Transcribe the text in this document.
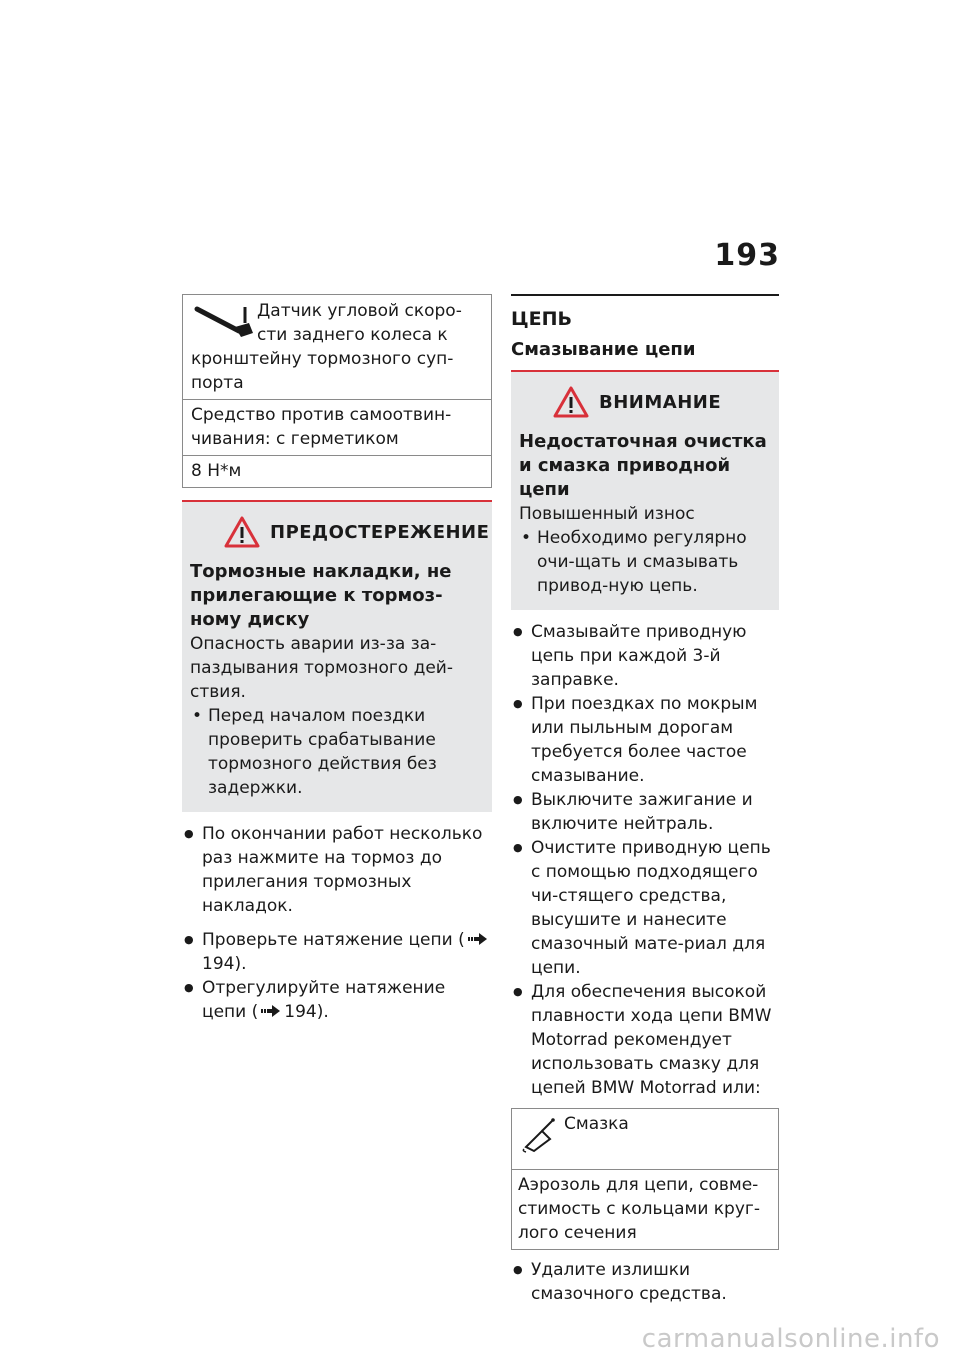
193
Датчик угловой скоро-
сти заднего колеса к кронштейну тормозного суп-порта
Средство против самоотвин-чивания: с герметиком
8 Н*м
ПРЕДОСТЕРЕЖЕНИЕ
Тормозные накладки, не прилегающие к тормоз-ному диску
Опасность аварии из-за за-паздывания тормозного дей-ствия.
• Перед началом поездки проверить срабатывание тормозного действия без задержки.
● По окончании работ несколько раз нажмите на тормоз до прилегания тормозных накладок.
● Проверьте натяжение цепи (194).
● Отрегулируйте натяжение цепи ( 194).
ЦЕПЬ
Смазывание цепи
ВНИМАНИЕ
Недостаточная очистка и смазка приводной цепи
Повышенный износ
• Необходимо регулярно очи-щать и смазывать привод-ную цепь.
● Смазывайте приводную цепь при каждой 3-й заправке.
● При поездках по мокрым или пыльным дорогам требуется более частое смазывание.
● Выключите зажигание и включите нейтраль.
● Очистите приводную цепь с помощью подходящего чи-стящего средства, высушите и нанесите смазочный мате-риал для цепи.
● Для обеспечения высокой плавности хода цепи BMW Motorrad рекомендует использовать смазку для цепей BMW Motorrad или:
Смазка
Аэрозоль для цепи, совме-стимость с кольцами круг-лого сечения
● Удалите излишки смазочного средства.
carmanualsonline.info
